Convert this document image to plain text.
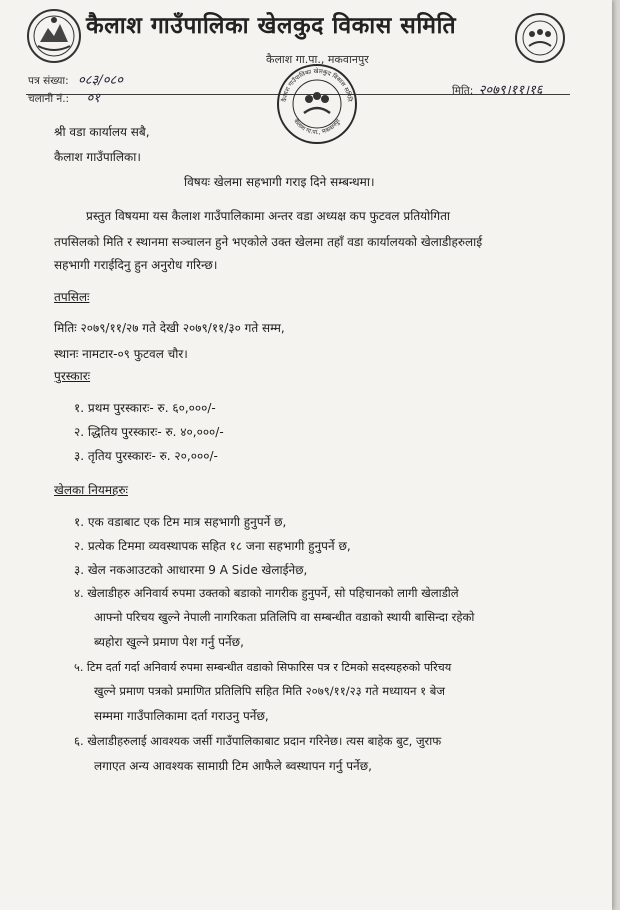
कैलाश गाउँपालिका खेलकुद विकास समिति
कैलाश गा.पा., मकवानपुर
पत्र संख्या: ०८३/०८०
चलानी नं.: ०१	मिति: २०७९।११।१६
कैलाश गाउँपालिका खेलकुद विकास समिति
कैलाश गा.पा., मकवानपुर
श्री वडा कार्यालय सबै,
कैलाश गाउँपालिका।
विषयः खेलमा सहभागी गराइ दिने सम्बन्धमा।
प्रस्तुत विषयमा यस कैलाश गाउँपालिकामा अन्तर वडा अध्यक्ष कप फुटवल प्रतियोगिता
तपसिलको मिति र स्थानमा सञ्चालन हुने भएकोले उक्त खेलमा तहाँ वडा कार्यालयको खेलाडीहरुलाई
सहभागी गराईदिनु हुन अनुरोध गरिन्छ।
तपसिलः
मितिः २०७९/११/२७ गते देखी २०७९/११/३० गते सम्म,
स्थानः नामटार-०९ फुटवल चौर।
पुरस्कारः
१. प्रथम पुरस्कारः- रु. ६०,०००/-
२. द्धितिय पुरस्कारः- रु. ४०,०००/-
३. तृतिय पुरस्कारः- रु. २०,०००/-
खेलका नियमहरुः
१. एक वडाबाट एक टिम मात्र सहभागी हुनुपर्ने छ,
२. प्रत्येक टिममा व्यवस्थापक सहित १८ जना सहभागी हुनुपर्ने छ,
३. खेल नकआउटको आधारमा 9 A Side खेलाईनेछ,
४. खेलाडीहरु अनिवार्य रुपमा उक्तको बडाको नागरीक हुनुपर्ने, सो पहिचानको लागी खेलाडीले
आफ्नो परिचय खुल्ने नेपाली नागरिकता प्रतिलिपि वा सम्बन्धीत वडाको स्थायी बासिन्दा रहेको
ब्यहोरा खुल्ने प्रमाण पेश गर्नु पर्नेछ,
५. टिम दर्ता गर्दा अनिवार्य रुपमा सम्बन्धीत वडाको सिफारिस पत्र र टिमको सदस्यहरुको परिचय
खुल्ने प्रमाण पत्रको प्रमाणित प्रतिलिपि सहित मिति २०७९/११/२३ गते मध्यायन १ बेज
सम्ममा गाउँपालिकामा दर्ता गराउनु पर्नेछ,
६. खेलाडीहरुलाई आवश्यक जर्सी गाउँपालिकाबाट प्रदान गरिनेछ। त्यस बाहेक बुट, जुराफ
लगाएत अन्य आवश्यक सामाग्री टिम आफैले ब्वस्थापन गर्नु पर्नेछ,
